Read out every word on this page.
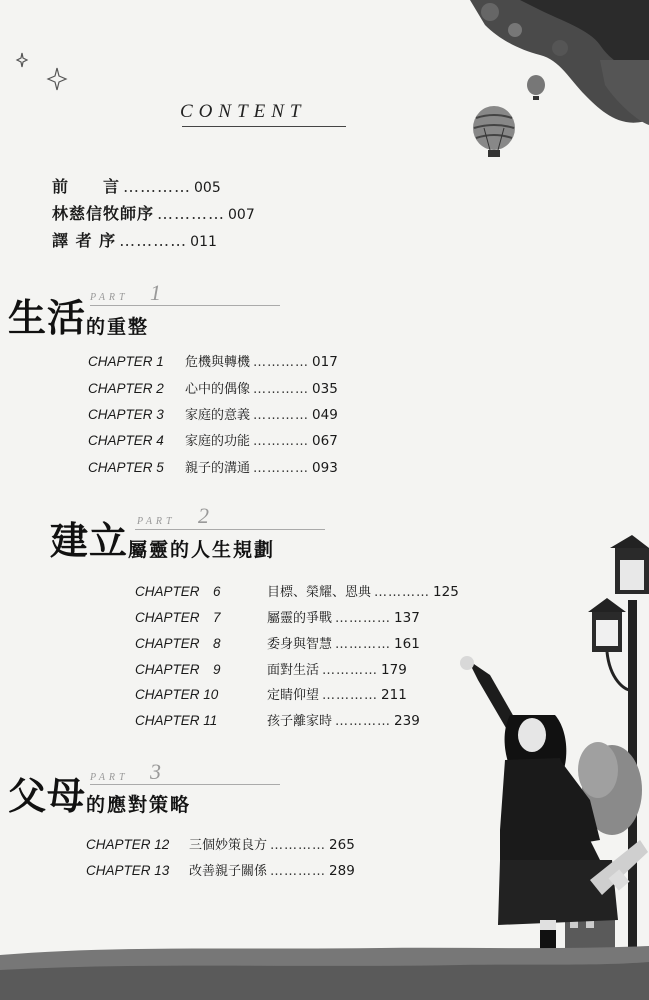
CONTENT
前　　言 ………… 005
林慈信牧師序 ………… 007
譯 者 序 ………… 011
生活 的重整
PART 1
CHAPTER 1	危機與轉機 ………… 017
CHAPTER 2	心中的偶像 ………… 035
CHAPTER 3	家庭的意義 ………… 049
CHAPTER 4	家庭的功能 ………… 067
CHAPTER 5	親子的溝通 ………… 093
建立 屬靈的人生規劃
PART 2
CHAPTER　6	目標、榮耀、恩典 ………… 125
CHAPTER　7	屬靈的爭戰 ………… 137
CHAPTER　8	委身與智慧 ………… 161
CHAPTER　9	面對生活 ………… 179
CHAPTER 10	定睛仰望 ………… 211
CHAPTER 11	孩子離家時 ………… 239
父母 的應對策略
PART 3
CHAPTER 12	三個妙策良方 ………… 265
CHAPTER 13	改善親子關係 ………… 289
